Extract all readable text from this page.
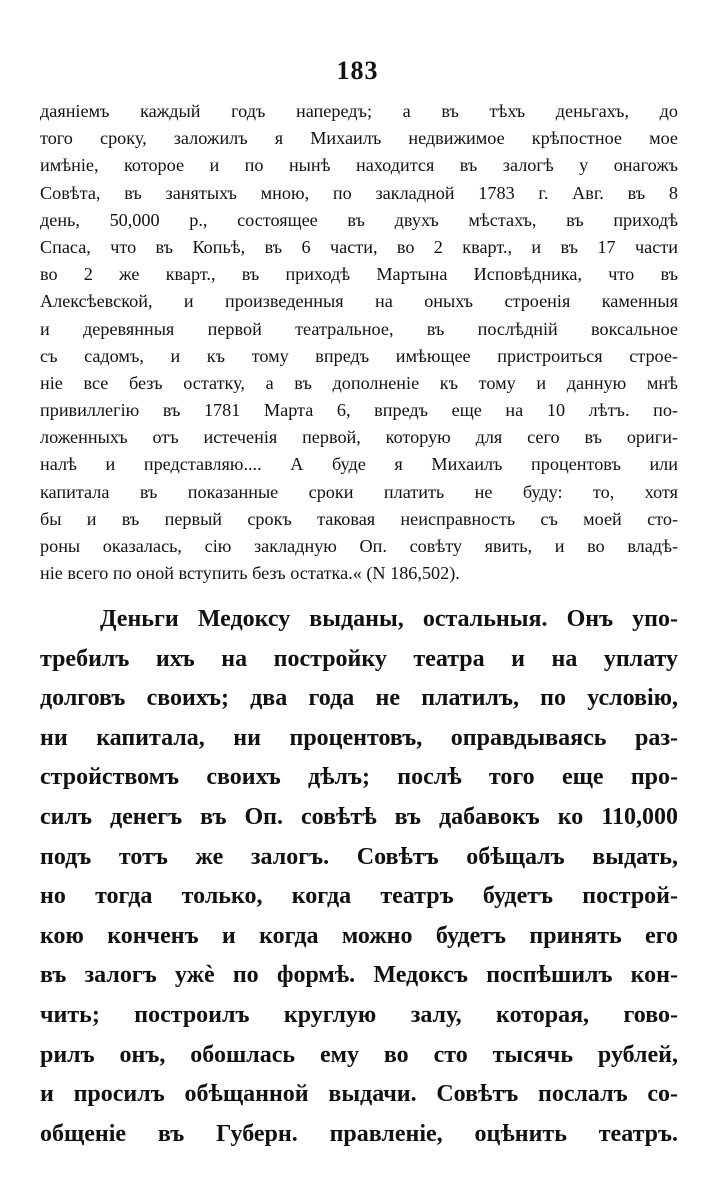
183
даяніемъ каждый годъ напередъ; а въ тѣхъ деньгахъ, до
того сроку, заложилъ я Михаилъ недвижимое крѣпостное мое
имѣніе, которое и по нынѣ находится въ залогѣ у онагожъ
Совѣта, въ занятыхъ мною, по закладной 1783 г. Авг. въ 8
день, 50,000 р., состоящее въ двухъ мѣстахъ, въ приходѣ
Спаса, что въ Копьѣ, въ 6 части, во 2 кварт., и въ 17 части
во 2 же кварт., въ приходѣ Мартына Исповѣдника, что въ
Алексѣевской, и произведенныя на оныхъ строенія каменныя
и деревянныя первой театральное, въ послѣдній воксальное
съ садомъ, и къ тому впредъ имѣющее пристроиться строе-
ніе все безъ остатку, а въ дополненіе къ тому и данную мнѣ
привиллегію въ 1781 Марта 6, впредъ еще на 10 лѣтъ. по-
ложенныхъ отъ истеченія первой, которую для сего въ ориги-
налѣ и представляю.... А буде я Михаилъ процентовъ или
капитала въ показанные сроки платить не буду: то, хотя
бы и въ первый срокъ таковая неисправность съ моей сто-
роны оказалась, сію закладную Оп. совѣту явить, и во владѣ-
ніе всего по оной вступить безъ остатка.« (N 186,502).
Деньги Медоксу выданы, остальныя. Онъ упо-
требилъ ихъ на постройку театра и на уплату
долговъ своихъ; два года не платилъ, по условію,
ни капитала, ни процентовъ, оправдываясь раз-
стройствомъ своихъ дѣлъ; послѣ того еще про-
силъ денегъ въ Оп. совѣтѣ въ дабавокъ ко 110,000
подъ тотъ же залогъ. Совѣтъ обѣщалъ выдать,
но тогда только, когда театръ будетъ построй-
кою конченъ и когда можно будетъ принять его
въ залогъ ужѐ по формѣ. Медоксъ поспѣшилъ кон-
чить; построилъ круглую залу, которая, гово-
рилъ онъ, обошлась ему во сто тысячь рублей,
и просилъ обѣщанной выдачи. Совѣтъ послалъ со-
общеніе въ Губерн. правленіе, оцѣнить театръ.
